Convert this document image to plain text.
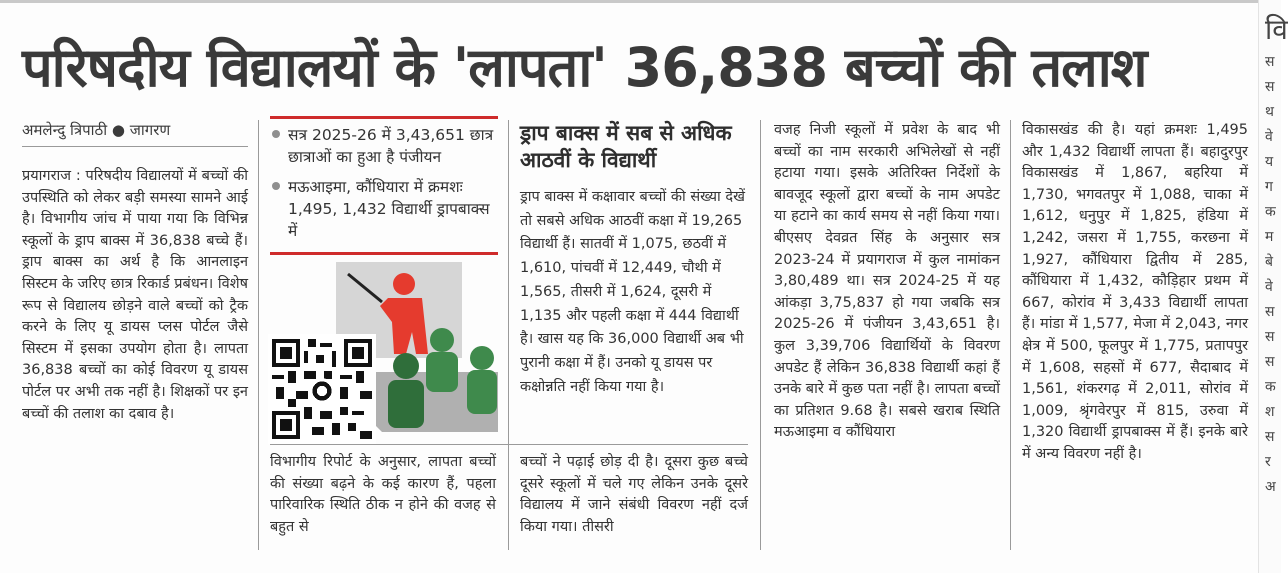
परिषदीय विद्यालयों के 'लापता' 36,838 बच्चों की तलाश
वि
स
स
थ
वे
य
ग
क
म
बे
वे
स
स
स
क
श
स
र
अ
अमलेन्दु त्रिपाठी ● जागरण

प्रयागराज : परिषदीय विद्यालयों में बच्चों की उपस्थिति को लेकर बड़ी समस्या सामने आई है। विभागीय जांच में पाया गया कि विभिन्न स्कूलों के ड्राप बाक्स में 36,838 बच्चे हैं। ड्राप बाक्स का अर्थ है कि आनलाइन सिस्टम के जरिए छात्र रिकार्ड प्रबंधन। विशेष रूप से विद्यालय छोड़ने वाले बच्चों को ट्रैक करने के लिए यू डायस प्लस पोर्टल जैसे सिस्टम में इसका उपयोग होता है। लापता 36,838 बच्चों का कोई विवरण यू डायस पोर्टल पर अभी तक नहीं है। शिक्षकों पर इन बच्चों की तलाश का दबाव है।

सत्र 2025-26 में 3,43,651 छात्र छात्राओं का हुआ है पंजीयन
मऊआइमा, कौंधियारा में क्रमशः 1,495, 1,432 विद्यार्थी ड्रापबाक्स में
ड्राप बाक्स में सब से अधिक आठवीं के विद्यार्थी
ड्राप बाक्स में कक्षावार बच्चों की संख्या देखें तो सबसे अधिक आठवीं कक्षा में 19,265 विद्यार्थी हैं। सातवीं में 1,075, छठवीं में 1,610, पांचवीं में 12,449, चौथी में 1,565, तीसरी में 1,624, दूसरी में 1,135 और पहली कक्षा में 444 विद्यार्थी है। खास यह कि 36,000 विद्यार्थी अब भी पुरानी कक्षा में हैं। उनको यू डायस पर कक्षोन्नति नहीं किया गया है।

विभागीय रिपोर्ट के अनुसार, लापता बच्चों की संख्या बढ़ने के कई कारण हैं, पहला पारिवारिक स्थिति ठीक न होने की वजह से बहुत से

बच्चों ने पढ़ाई छोड़ दी है। दूसरा कुछ बच्चे दूसरे स्कूलों में चले गए लेकिन उनके दूसरे विद्यालय में जाने संबंधी विवरण नहीं दर्ज किया गया। तीसरी

वजह निजी स्कूलों में प्रवेश के बाद भी बच्चों का नाम सरकारी अभिलेखों से नहीं हटाया गया। इसके अतिरिक्त निर्देशों के बावजूद स्कूलों द्वारा बच्चों के नाम अपडेट या हटाने का कार्य समय से नहीं किया गया। बीएसए देवव्रत सिंह के अनुसार सत्र 2023-24 में प्रयागराज में कुल नामांकन 3,80,489 था। सत्र 2024-25 में यह आंकड़ा 3,75,837 हो गया जबकि सत्र 2025-26 में पंजीयन 3,43,651 है। कुल 3,39,706 विद्यार्थियों के विवरण अपडेट हैं लेकिन 36,838 विद्यार्थी कहां हैं उनके बारे में कुछ पता नहीं है। लापता बच्चों का प्रतिशत 9.68 है। सबसे खराब स्थिति मऊआइमा व कौंधियारा

विकासखंड की है। यहां क्रमशः 1,495 और 1,432 विद्यार्थी लापता हैं। बहादुरपुर विकासखंड में 1,867, बहरिया में 1,730, भगवतपुर में 1,088, चाका में 1,612, धनुपुर में 1,825, हंडिया में 1,242, जसरा में 1,755, करछना में 1,927, कौंधियारा द्वितीय में 285, कौंधियारा में 1,432, कौड़िहार प्रथम में 667, कोरांव में 3,433 विद्यार्थी लापता हैं। मांडा में 1,577, मेजा में 2,043, नगर क्षेत्र में 500, फूलपुर में 1,775, प्रतापपुर में 1,608, सहसों में 677, सैदाबाद में 1,561, शंकरगढ़ में 2,011, सोरांव में 1,009, श्रृंगवेरपुर में 815, उरुवा में 1,320 विद्यार्थी ड्रापबाक्स में हैं। इनके बारे में अन्य विवरण नहीं है।
